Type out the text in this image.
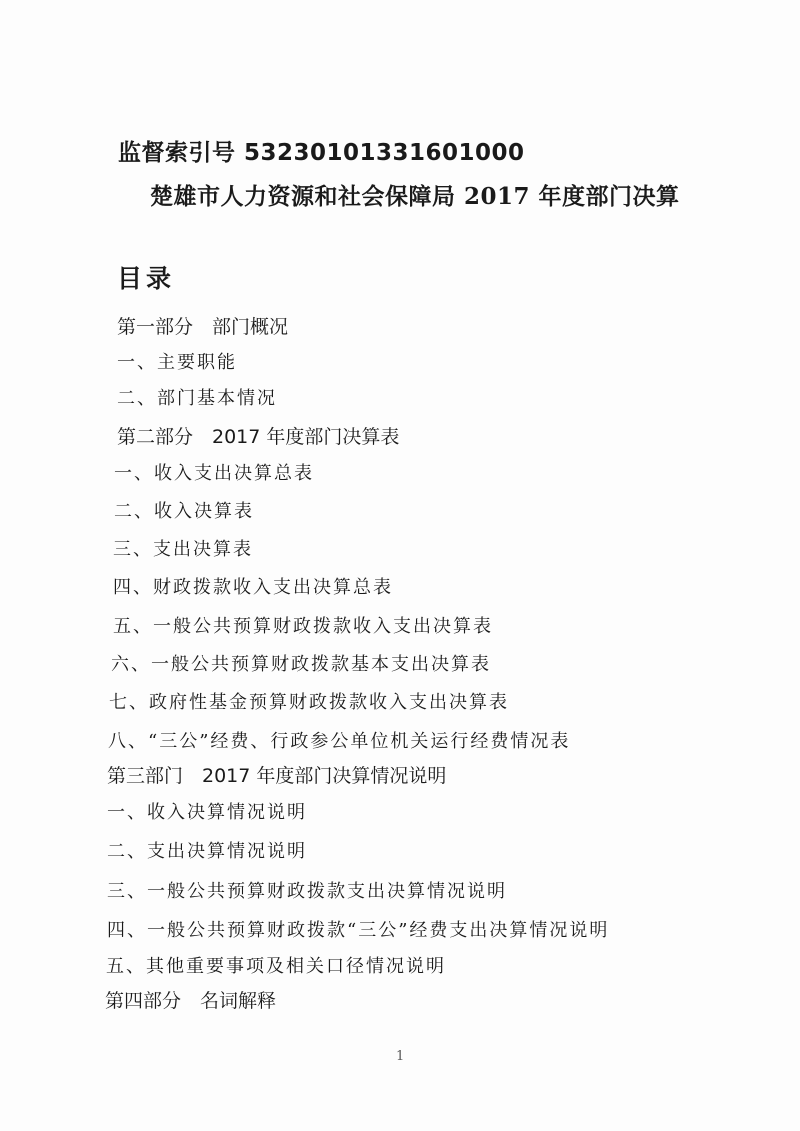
监督索引号 53230101331601000
楚雄市人力资源和社会保障局 2017 年度部门决算
目录
第一部分　部门概况
一、主要职能
二、部门基本情况
第二部分　2017 年度部门决算表
一、收入支出决算总表
二、收入决算表
三、支出决算表
四、财政拨款收入支出决算总表
五、一般公共预算财政拨款收入支出决算表
六、一般公共预算财政拨款基本支出决算表
七、政府性基金预算财政拨款收入支出决算表
八、“三公”经费、行政参公单位机关运行经费情况表
第三部门　2017 年度部门决算情况说明
一、收入决算情况说明
二、支出决算情况说明
三、一般公共预算财政拨款支出决算情况说明
四、一般公共预算财政拨款“三公”经费支出决算情况说明
五、其他重要事项及相关口径情况说明
第四部分　名词解释
1
